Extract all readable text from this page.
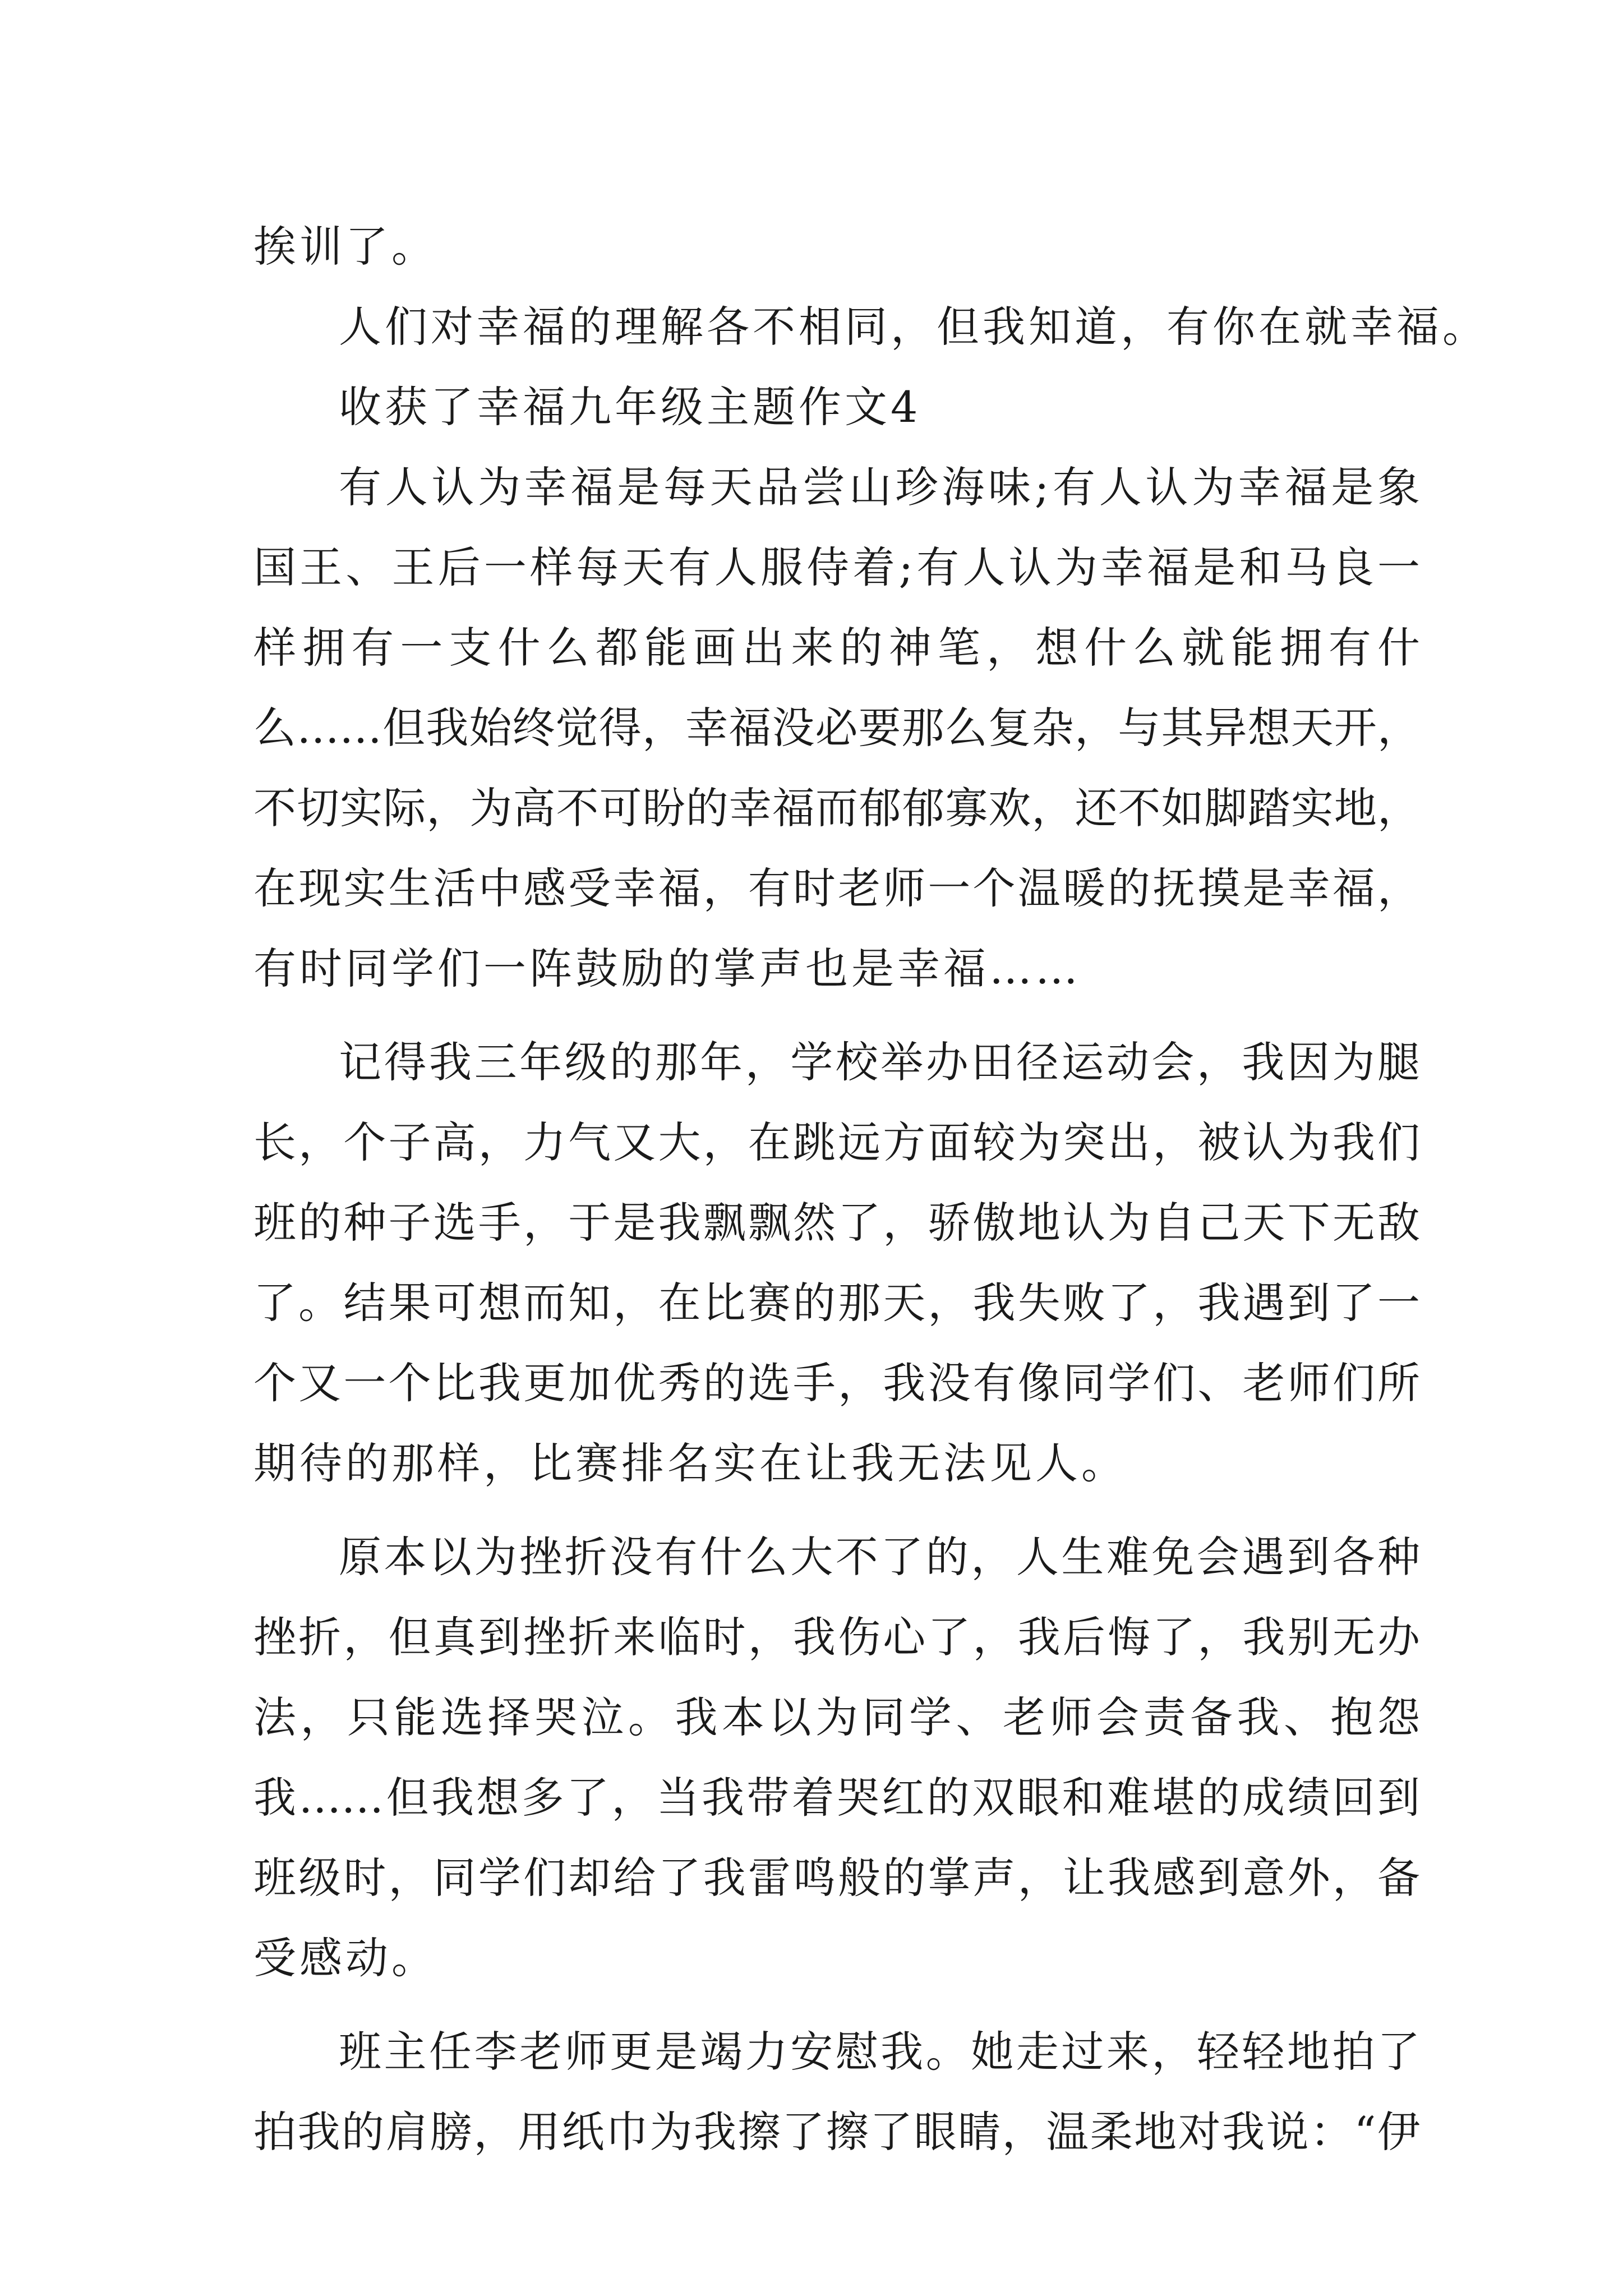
挨训了。
人们对幸福的理解各不相同，但我知道，有你在就幸福。
收获了幸福九年级主题作文4
有人认为幸福是每天品尝山珍海味;有人认为幸福是象
国王、王后一样每天有人服侍着;有人认为幸福是和马良一
样拥有一支什么都能画出来的神笔，想什么就能拥有什
么……但我始终觉得，幸福没必要那么复杂，与其异想天开，
不切实际，为高不可盼的幸福而郁郁寡欢，还不如脚踏实地，
在现实生活中感受幸福，有时老师一个温暖的抚摸是幸福，
有时同学们一阵鼓励的掌声也是幸福……
记得我三年级的那年，学校举办田径运动会，我因为腿
长，个子高，力气又大，在跳远方面较为突出，被认为我们
班的种子选手，于是我飘飘然了，骄傲地认为自己天下无敌
了。结果可想而知，在比赛的那天，我失败了，我遇到了一
个又一个比我更加优秀的选手，我没有像同学们、老师们所
期待的那样，比赛排名实在让我无法见人。
原本以为挫折没有什么大不了的，人生难免会遇到各种
挫折，但真到挫折来临时，我伤心了，我后悔了，我别无办
法，只能选择哭泣。我本以为同学、老师会责备我、抱怨
我……但我想多了，当我带着哭红的双眼和难堪的成绩回到
班级时，同学们却给了我雷鸣般的掌声，让我感到意外，备
受感动。
班主任李老师更是竭力安慰我。她走过来，轻轻地拍了
拍我的肩膀，用纸巾为我擦了擦了眼睛，温柔地对我说：“伊
